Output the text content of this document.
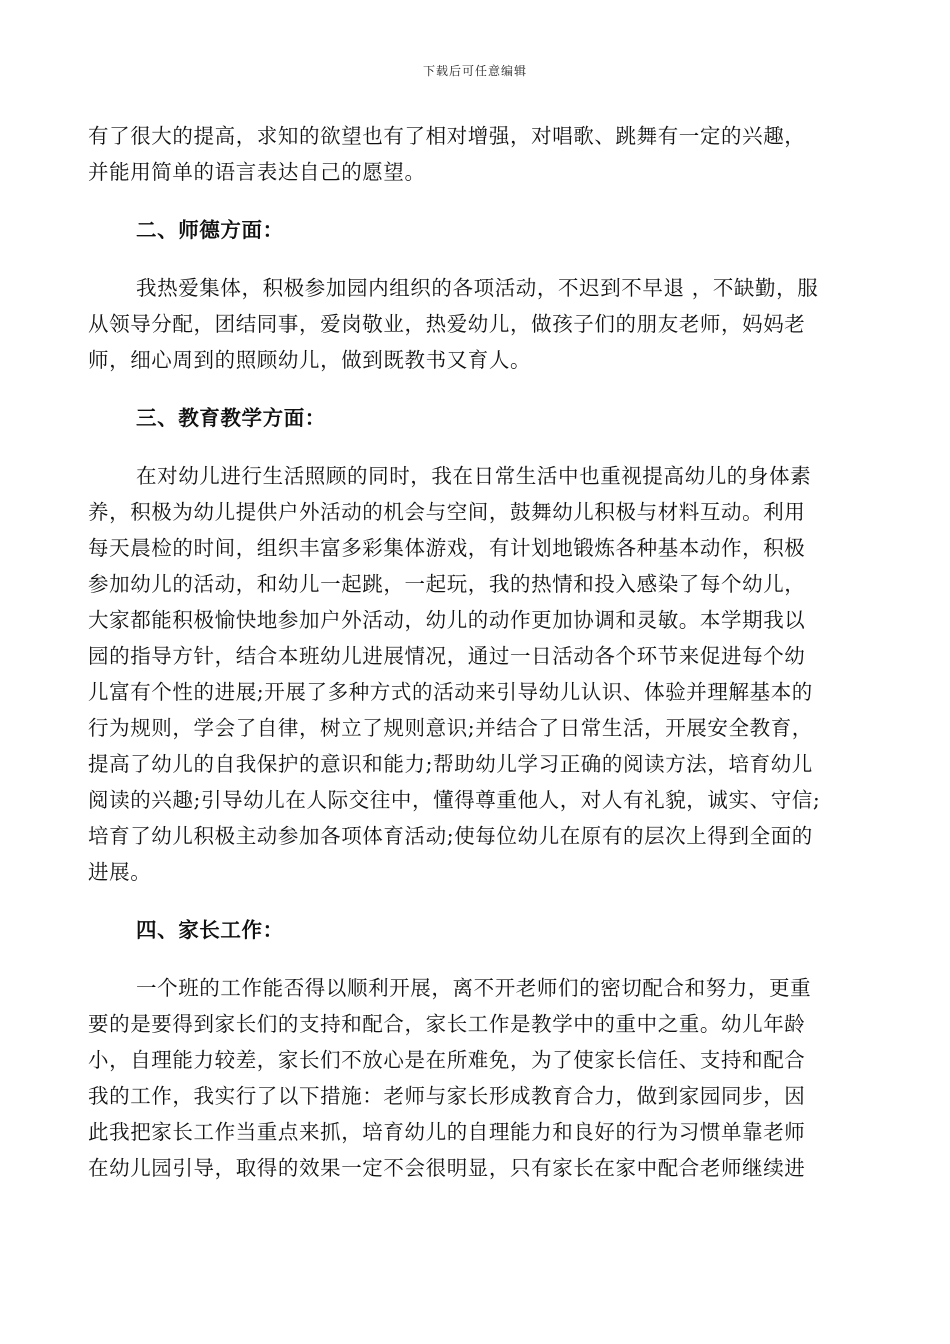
下载后可任意编辑
有了很大的提高，求知的欲望也有了相对增强，对唱歌、跳舞有一定的兴趣，
并能用简单的语言表达自己的愿望。
二、师德方面：
我热爱集体，积极参加园内组织的各项活动，不迟到不早退 ，不缺勤，服
从领导分配，团结同事，爱岗敬业，热爱幼儿，做孩子们的朋友老师，妈妈老
师，细心周到的照顾幼儿，做到既教书又育人。
三、教育教学方面：
在对幼儿进行生活照顾的同时，我在日常生活中也重视提高幼儿的身体素
养，积极为幼儿提供户外活动的机会与空间，鼓舞幼儿积极与材料互动。利用
每天晨检的时间，组织丰富多彩集体游戏，有计划地锻炼各种基本动作，积极
参加幼儿的活动，和幼儿一起跳，一起玩，我的热情和投入感染了每个幼儿，
大家都能积极愉快地参加户外活动，幼儿的动作更加协调和灵敏。本学期我以
园的指导方针，结合本班幼儿进展情况，通过一日活动各个环节来促进每个幼
儿富有个性的进展;开展了多种方式的活动来引导幼儿认识、体验并理解基本的
行为规则，学会了自律，树立了规则意识;并结合了日常生活，开展安全教育，
提高了幼儿的自我保护的意识和能力;帮助幼儿学习正确的阅读方法，培育幼儿
阅读的兴趣;引导幼儿在人际交往中，懂得尊重他人，对人有礼貌，诚实、守信;
培育了幼儿积极主动参加各项体育活动;使每位幼儿在原有的层次上得到全面的
进展。
四、家长工作：
一个班的工作能否得以顺利开展，离不开老师们的密切配合和努力，更重
要的是要得到家长们的支持和配合，家长工作是教学中的重中之重。幼儿年龄
小，自理能力较差，家长们不放心是在所难免，为了使家长信任、支持和配合
我的工作，我实行了以下措施：老师与家长形成教育合力，做到家园同步，因
此我把家长工作当重点来抓，培育幼儿的自理能力和良好的行为习惯单靠老师
在幼儿园引导，取得的效果一定不会很明显，只有家长在家中配合老师继续进
